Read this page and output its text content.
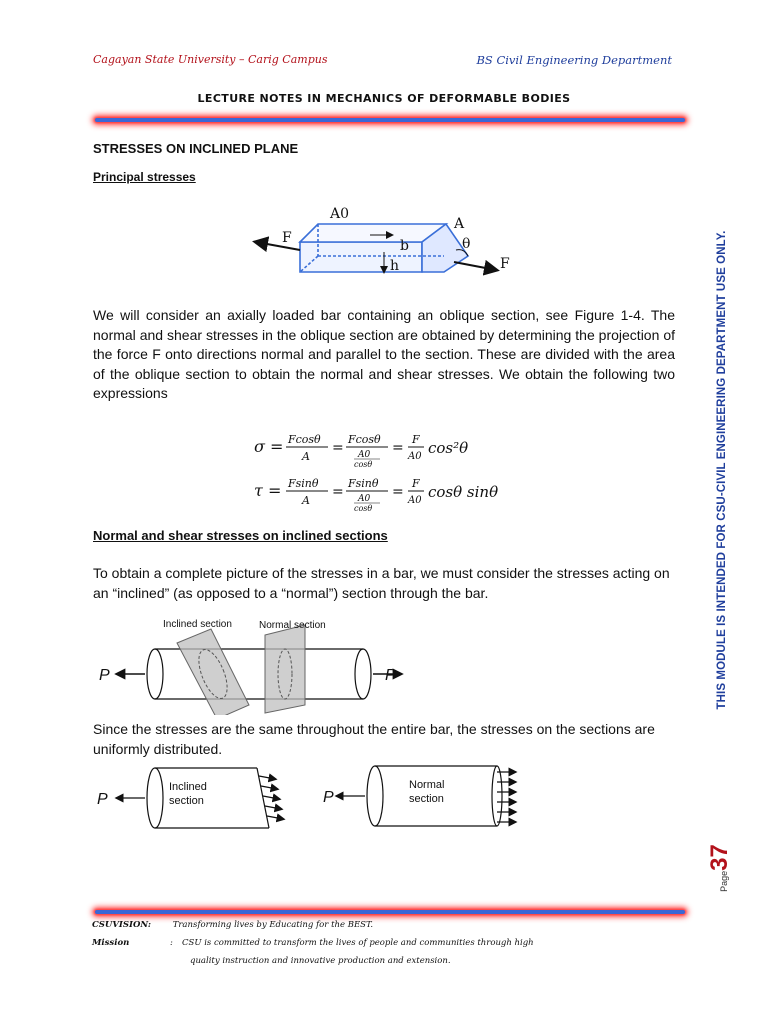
Cagayan State University – Carig Campus	BS Civil Engineering Department
LECTURE NOTES IN MECHANICS OF DEFORMABLE BODIES
STRESSES ON INCLINED PLANE
Principal stresses
F
F
A0
A
b
h
θ
We will consider an axially loaded bar containing an oblique section, see Figure 1-4. The normal and shear stresses in the oblique section are obtained by determining the projection of the force F onto directions normal and parallel to the section. These are divided with the area of the oblique section to obtain the normal and shear stresses. We obtain the following two expressions
σ = Fcosθ
A
=
Fcosθ
A0
cosθ
=
F
A0 cos²θ
τ = Fsinθ
A
=
Fsinθ
A0
cosθ
=
F
A0 cosθ sinθ
Normal and shear stresses on inclined sections
To obtain a complete picture of the stresses in a bar, we must consider the stresses acting on an “inclined” (as opposed to a “normal”) section through the bar.
Inclined section	Normal section
P	P
Since the stresses are the same throughout the entire bar, the stresses on the sections are uniformly distributed.
P	P
Inclined
section
Normal
section
THIS MODULE IS INTENDED FOR CSU-CIVIL ENGINEERING DEPARTMENT USE ONLY.
Page37
CSUVISION:	Transforming lives by Educating for the BEST.
Mission	: CSU is committed to transform the lives of people and communities through high
quality instruction and innovative production and extension.
